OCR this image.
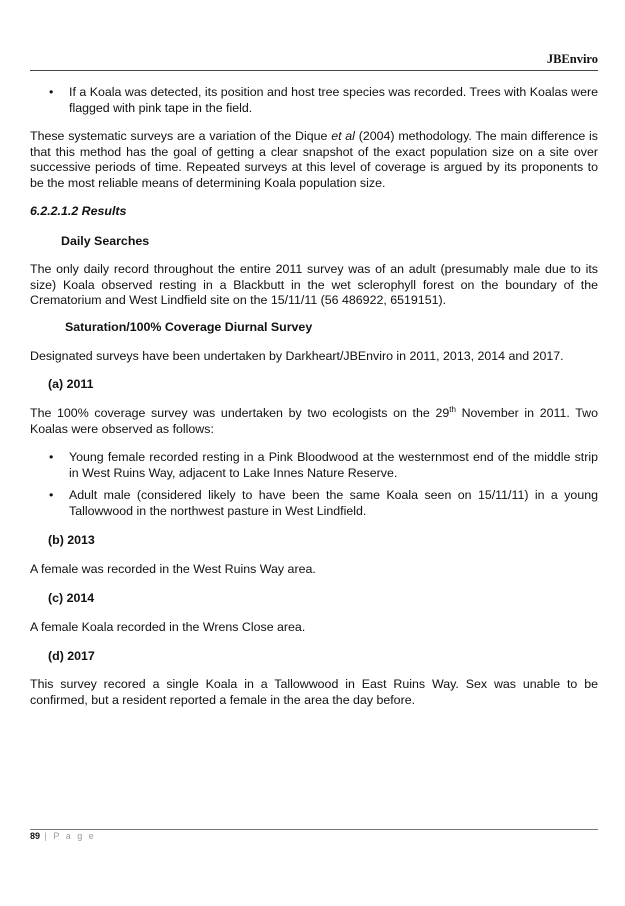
JBEnviro
• If a Koala was detected, its position and host tree species was recorded. Trees with Koalas were flagged with pink tape in the field.
These systematic surveys are a variation of the Dique et al (2004) methodology. The main difference is that this method has the goal of getting a clear snapshot of the exact population size on a site over successive periods of time. Repeated surveys at this level of coverage is argued by its proponents to be the most reliable means of determining Koala population size.
6.2.2.1.2 Results
Daily Searches
The only daily record throughout the entire 2011 survey was of an adult (presumably male due to its size) Koala observed resting in a Blackbutt in the wet sclerophyll forest on the boundary of the Crematorium and West Lindfield site on the 15/11/11 (56 486922, 6519151).
Saturation/100% Coverage Diurnal Survey
Designated surveys have been undertaken by Darkheart/JBEnviro in 2011, 2013, 2014 and 2017.
(a) 2011
The 100% coverage survey was undertaken by two ecologists on the 29th November in 2011. Two Koalas were observed as follows:
• Young female recorded resting in a Pink Bloodwood at the westernmost end of the middle strip in West Ruins Way, adjacent to Lake Innes Nature Reserve.
• Adult male (considered likely to have been the same Koala seen on 15/11/11) in a young Tallowwood in the northwest pasture in West Lindfield.
(b) 2013
A female was recorded in the West Ruins Way area.
(c) 2014
A female Koala recorded in the Wrens Close area.
(d) 2017
This survey recored a single Koala in a Tallowwood in East Ruins Way. Sex was unable to be confirmed, but a resident reported a female in the area the day before.
89 | P a g e
